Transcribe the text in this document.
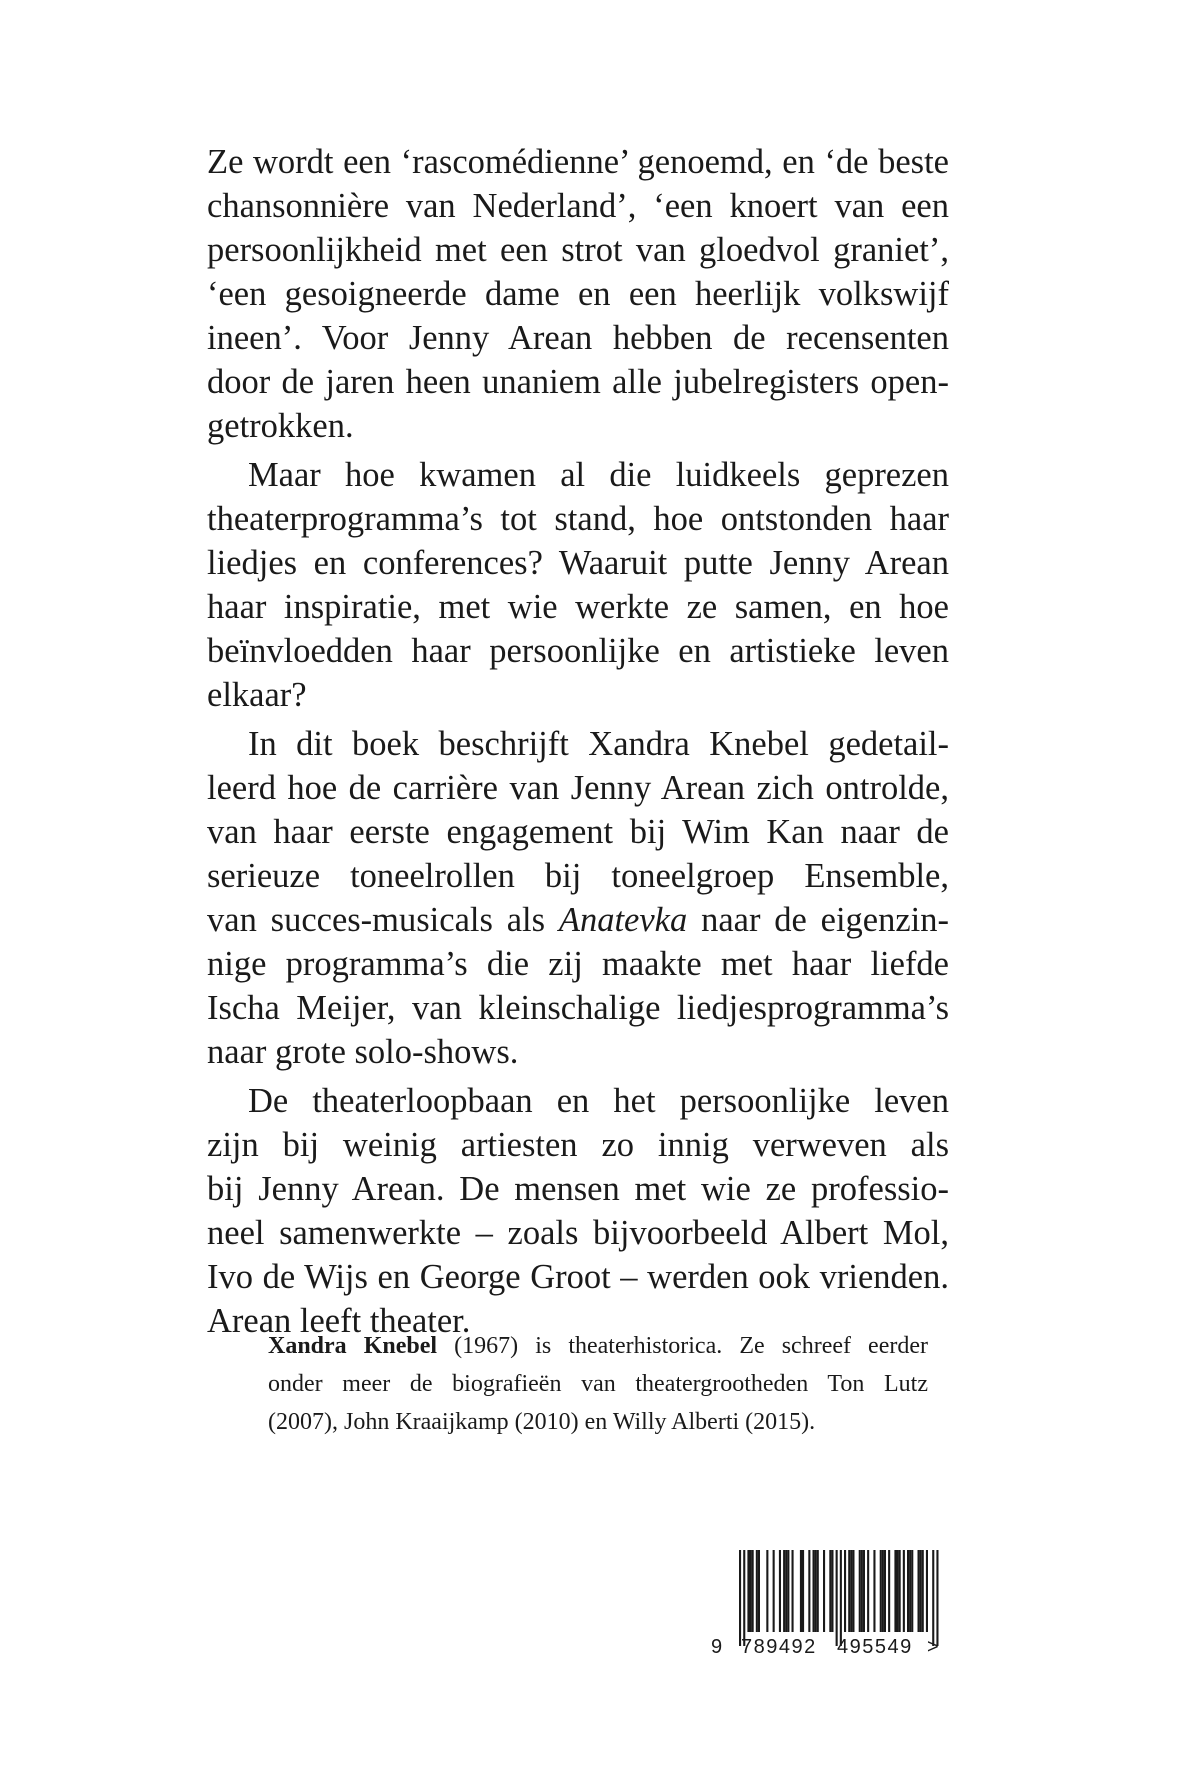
Ze wordt een ‘rascomédienne’ genoemd, en ‘de beste
chansonnière van Nederland’, ‘een knoert van een
persoonlijkheid met een strot van gloedvol graniet’,
‘een gesoigneerde dame en een heerlijk volkswijf
ineen’. Voor Jenny Arean hebben de recensenten
door de jaren heen unaniem alle jubelregisters open-
getrokken.

Maar hoe kwamen al die luidkeels geprezen
theaterprogramma’s tot stand, hoe ontstonden haar
liedjes en conferences? Waaruit putte Jenny Arean
haar inspiratie, met wie werkte ze samen, en hoe
beïnvloedden haar persoonlijke en artistieke leven
elkaar?

In dit boek beschrijft Xandra Knebel gedetail-
leerd hoe de carrière van Jenny Arean zich ontrolde,
van haar eerste engagement bij Wim Kan naar de
serieuze toneelrollen bij toneelgroep Ensemble,
van succes-musicals als Anatevka naar de eigenzin-
nige programma’s die zij maakte met haar liefde
Ischa Meijer, van kleinschalige liedjesprogramma’s
naar grote solo-shows.

De theaterloopbaan en het persoonlijke leven
zijn bij weinig artiesten zo innig verweven als
bij Jenny Arean. De mensen met wie ze professio-
neel samenwerkte – zoals bijvoorbeeld Albert Mol,
Ivo de Wijs en George Groot – werden ook vrienden.
Arean leeft theater.

Xandra Knebel (1967) is theaterhistorica. Ze schreef eerder
onder meer de biografieën van theatergrootheden Ton Lutz
(2007), John Kraaijkamp (2010) en Willy Alberti (2015).
9 789492 495549 >
